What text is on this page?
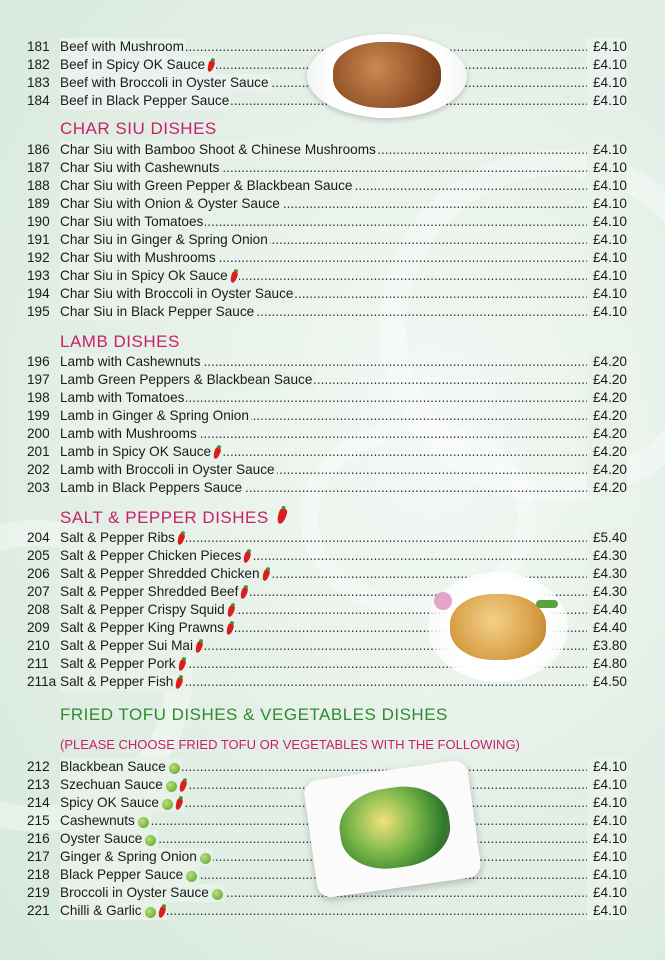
181 ..... Beef with Mushroom	£4.10
182 ..... Beef in Spicy OK Sauce	£4.10
183 ..... Beef with Broccoli in Oyster Sauce	£4.10
184 ..... Beef in Black Pepper Sauce	£4.10
CHAR SIU DISHES
186 ..... Char Siu with Bamboo Shoot & Chinese Mushrooms	£4.10
187 ..... Char Siu with Cashewnuts	£4.10
188 ..... Char Siu with Green Pepper & Blackbean Sauce	£4.10
189 ..... Char Siu with Onion & Oyster Sauce	£4.10
190 ..... Char Siu with Tomatoes	£4.10
191 ..... Char Siu in Ginger & Spring Onion	£4.10
192 ..... Char Siu with Mushrooms	£4.10
193 ..... Char Siu in Spicy Ok Sauce	£4.10
194 ..... Char Siu with Broccoli in Oyster Sauce	£4.10
195 ..... Char Siu in Black Pepper Sauce	£4.10
LAMB DISHES
196 ..... Lamb with Cashewnuts	£4.20
197 ..... Lamb Green Peppers & Blackbean Sauce	£4.20
198 ..... Lamb with Tomatoes	£4.20
199 ..... Lamb in Ginger & Spring Onion	£4.20
200 ..... Lamb with Mushrooms	£4.20
201 ..... Lamb in Spicy OK Sauce	£4.20
202 ..... Lamb with Broccoli in Oyster Sauce	£4.20
203 ..... Lamb in Black Peppers Sauce	£4.20
SALT & PEPPER DISHES
204 ..... Salt & Pepper Ribs	£5.40
205 ..... Salt & Pepper Chicken Pieces	£4.30
206 ..... Salt & Pepper Shredded Chicken	£4.30
207 ..... Salt & Pepper Shredded Beef	£4.30
208 ..... Salt & Pepper Crispy Squid	£4.40
209 ..... Salt & Pepper King Prawns	£4.40
210 ..... Salt & Pepper Sui Mai	£3.80
211 ..... Salt & Pepper Pork	£4.80
211a ..... Salt & Pepper Fish	£4.50
FRIED TOFU DISHES & VEGETABLES DISHES
(PLEASE CHOOSE FRIED TOFU OR VEGETABLES WITH THE FOLLOWING)
212 ..... Blackbean Sauce	£4.10
213 ..... Szechuan Sauce	£4.10
214 ..... Spicy OK Sauce	£4.10
215 ..... Cashewnuts	£4.10
216 ..... Oyster Sauce	£4.10
217 ..... Ginger & Spring Onion	£4.10
218 ..... Black Pepper Sauce	£4.10
219 ..... Broccoli in Oyster Sauce	£4.10
221 ..... Chilli & Garlic	£4.10
